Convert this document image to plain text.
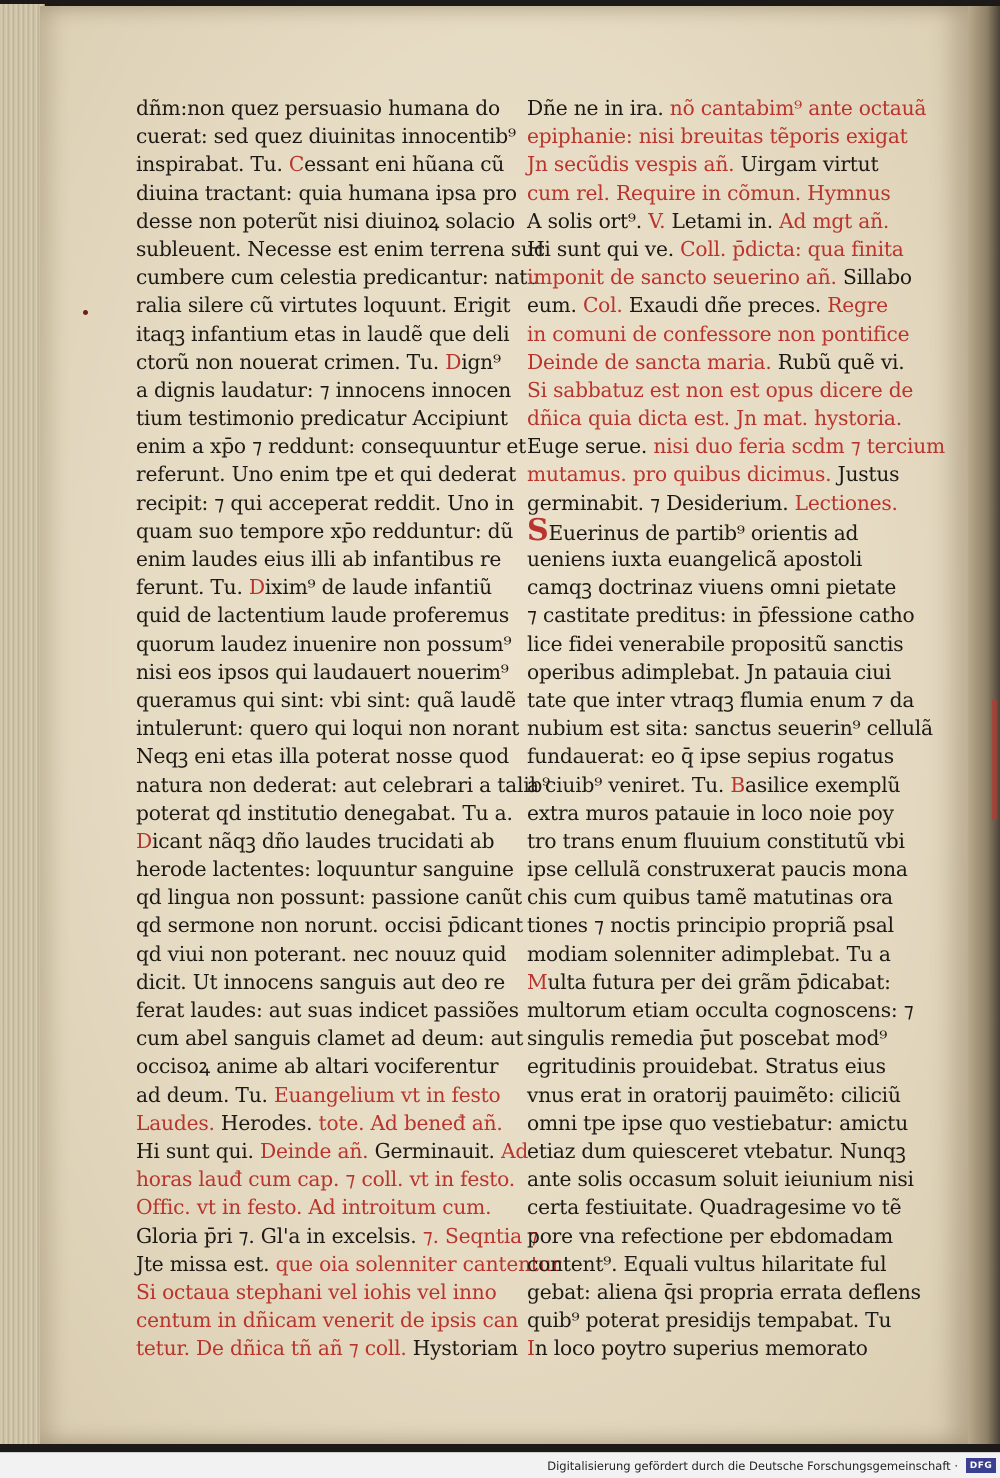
dñm:non quez persuasio humana do
cuerat: sed quez diuinitas innocentib⁹
inspirabat. Tu. Cessant eni hũana cũ
diuina tractant: quia humana ipsa pro
desse non poterũt nisi diuinoꝝ solacio
subleuent. Necesse est enim terrena suc
cumbere cum celestia predicantur: natu
ralia silere cũ virtutes loquunt. Erigit
itaqꝫ infantium etas in laudẽ que deli
ctorũ non nouerat crimen. Tu. Dign⁹
a dignis laudatur: ⁊ innocens innocen
tium testimonio predicatur Accipiunt
enim a xp̄o ⁊ reddunt: consequuntur et
referunt. Uno enim tpe et qui dederat
recipit: ⁊ qui acceperat reddit. Uno in
quam suo tempore xp̄o redduntur: dũ
enim laudes eius illi ab infantibus re
ferunt. Tu. Dixim⁹ de laude infantiũ
quid de lactentium laude proferemus
quorum laudez inuenire non possum⁹
nisi eos ipsos qui laudauert nouerim⁹
queramus qui sint: vbi sint: quã laudẽ
intulerunt: quero qui loqui non norant
Neqꝫ eni etas illa poterat nosse quod
natura non dederat: aut celebrari a talib⁹
poterat qd institutio denegabat. Tu a.
Dicant nãqꝫ dño laudes trucidati ab
herode lactentes: loquuntur sanguine
qd lingua non possunt: passione canũt
qd sermone non norunt. occisi p̄dicant
qd viui non poterant. nec nouuz quid
dicit. Ut innocens sanguis aut deo re
ferat laudes: aut suas indicet passiões
cum abel sanguis clamet ad deum: aut
occisoꝝ anime ab altari vociferentur
ad deum. Tu. Euangelium vt in festo
Laudes. Herodes. tote. Ad beneđ añ.
Hi sunt qui. Deinde añ. Germinauit. Ad
horas lauđ cum cap. ⁊ coll. vt in festo.
Offic. vt in festo. Ad introitum cum.
Gloria p̄ri ⁊. Gl'a in excelsis. ⁊. Seqntia ⁊
Jte missa est. que oia solenniter cantentur
Si octaua stephani vel iohis vel inno
centum in dñicam venerit de ipsis can
tetur. De dñica tñ añ ⁊ coll. Hystoriam
Dñe ne in ira. nõ cantabim⁹ ante octauã
epiphanie: nisi breuitas tẽporis exigat
Jn secũdis vespis añ. Uirgam virtut
cum rel. Require in cõmun. Hymnus
A solis ort⁹. V. Letami in. Ad mgt añ.
Hi sunt qui ve. Coll. p̄dicta: qua finita
imponit de sancto seuerino añ. Sillabo
eum. Col. Exaudi dñe preces. Regre
in comuni de confessore non pontifice
Deinde de sancta maria. Rubũ quẽ vi.
Si sabbatuz est non est opus dicere de
dñica quia dicta est. Jn mat. hystoria.
Euge serue. nisi duo feria scdm ⁊ tercium
mutamus. pro quibus dicimus. Justus
germinabit. ⁊ Desiderium. Lectiones.
SEuerinus de partib⁹ orientis ad
ueniens iuxta euangelicã apostoli
camqꝫ doctrinaz viuens omni pietate
⁊ castitate preditus: in p̄fessione catho
lice fidei venerabile propositũ sanctis
operibus adimplebat. Jn patauia ciui
tate que inter vtraqꝫ flumia enum ⁊ da
nubium est sita: sanctus seuerin⁹ cellulã
fundauerat: eo q̄ ipse sepius rogatus
a ciuib⁹ veniret. Tu. Basilice exemplũ
extra muros patauie in loco noie poy
tro trans enum fluuium constitutũ vbi
ipse cellulã construxerat paucis mona
chis cum quibus tamẽ matutinas ora
tiones ⁊ noctis principio propriã psal
modiam solenniter adimplebat. Tu a
Multa futura per dei grãm p̄dicabat:
multorum etiam occulta cognoscens: ⁊
singulis remedia p̄ut poscebat mod⁹
egritudinis prouidebat. Stratus eius
vnus erat in oratorij pauimẽto: ciliciũ
omni tpe ipse quo vestiebatur: amictu
etiaz dum quiesceret vtebatur. Nunqꝫ
ante solis occasum soluit ieiunium nisi
certa festiuitate. Quadragesime vo tẽ
pore vna refectione per ebdomadam
content⁹. Equali vultus hilaritate ful
gebat: aliena q̄si propria errata deflens
quib⁹ poterat presidijs tempabat. Tu
In loco poytro superius memorato
Digitalisierung gefördert durch die Deutsche Forschungsgemeinschaft ·	DFG
